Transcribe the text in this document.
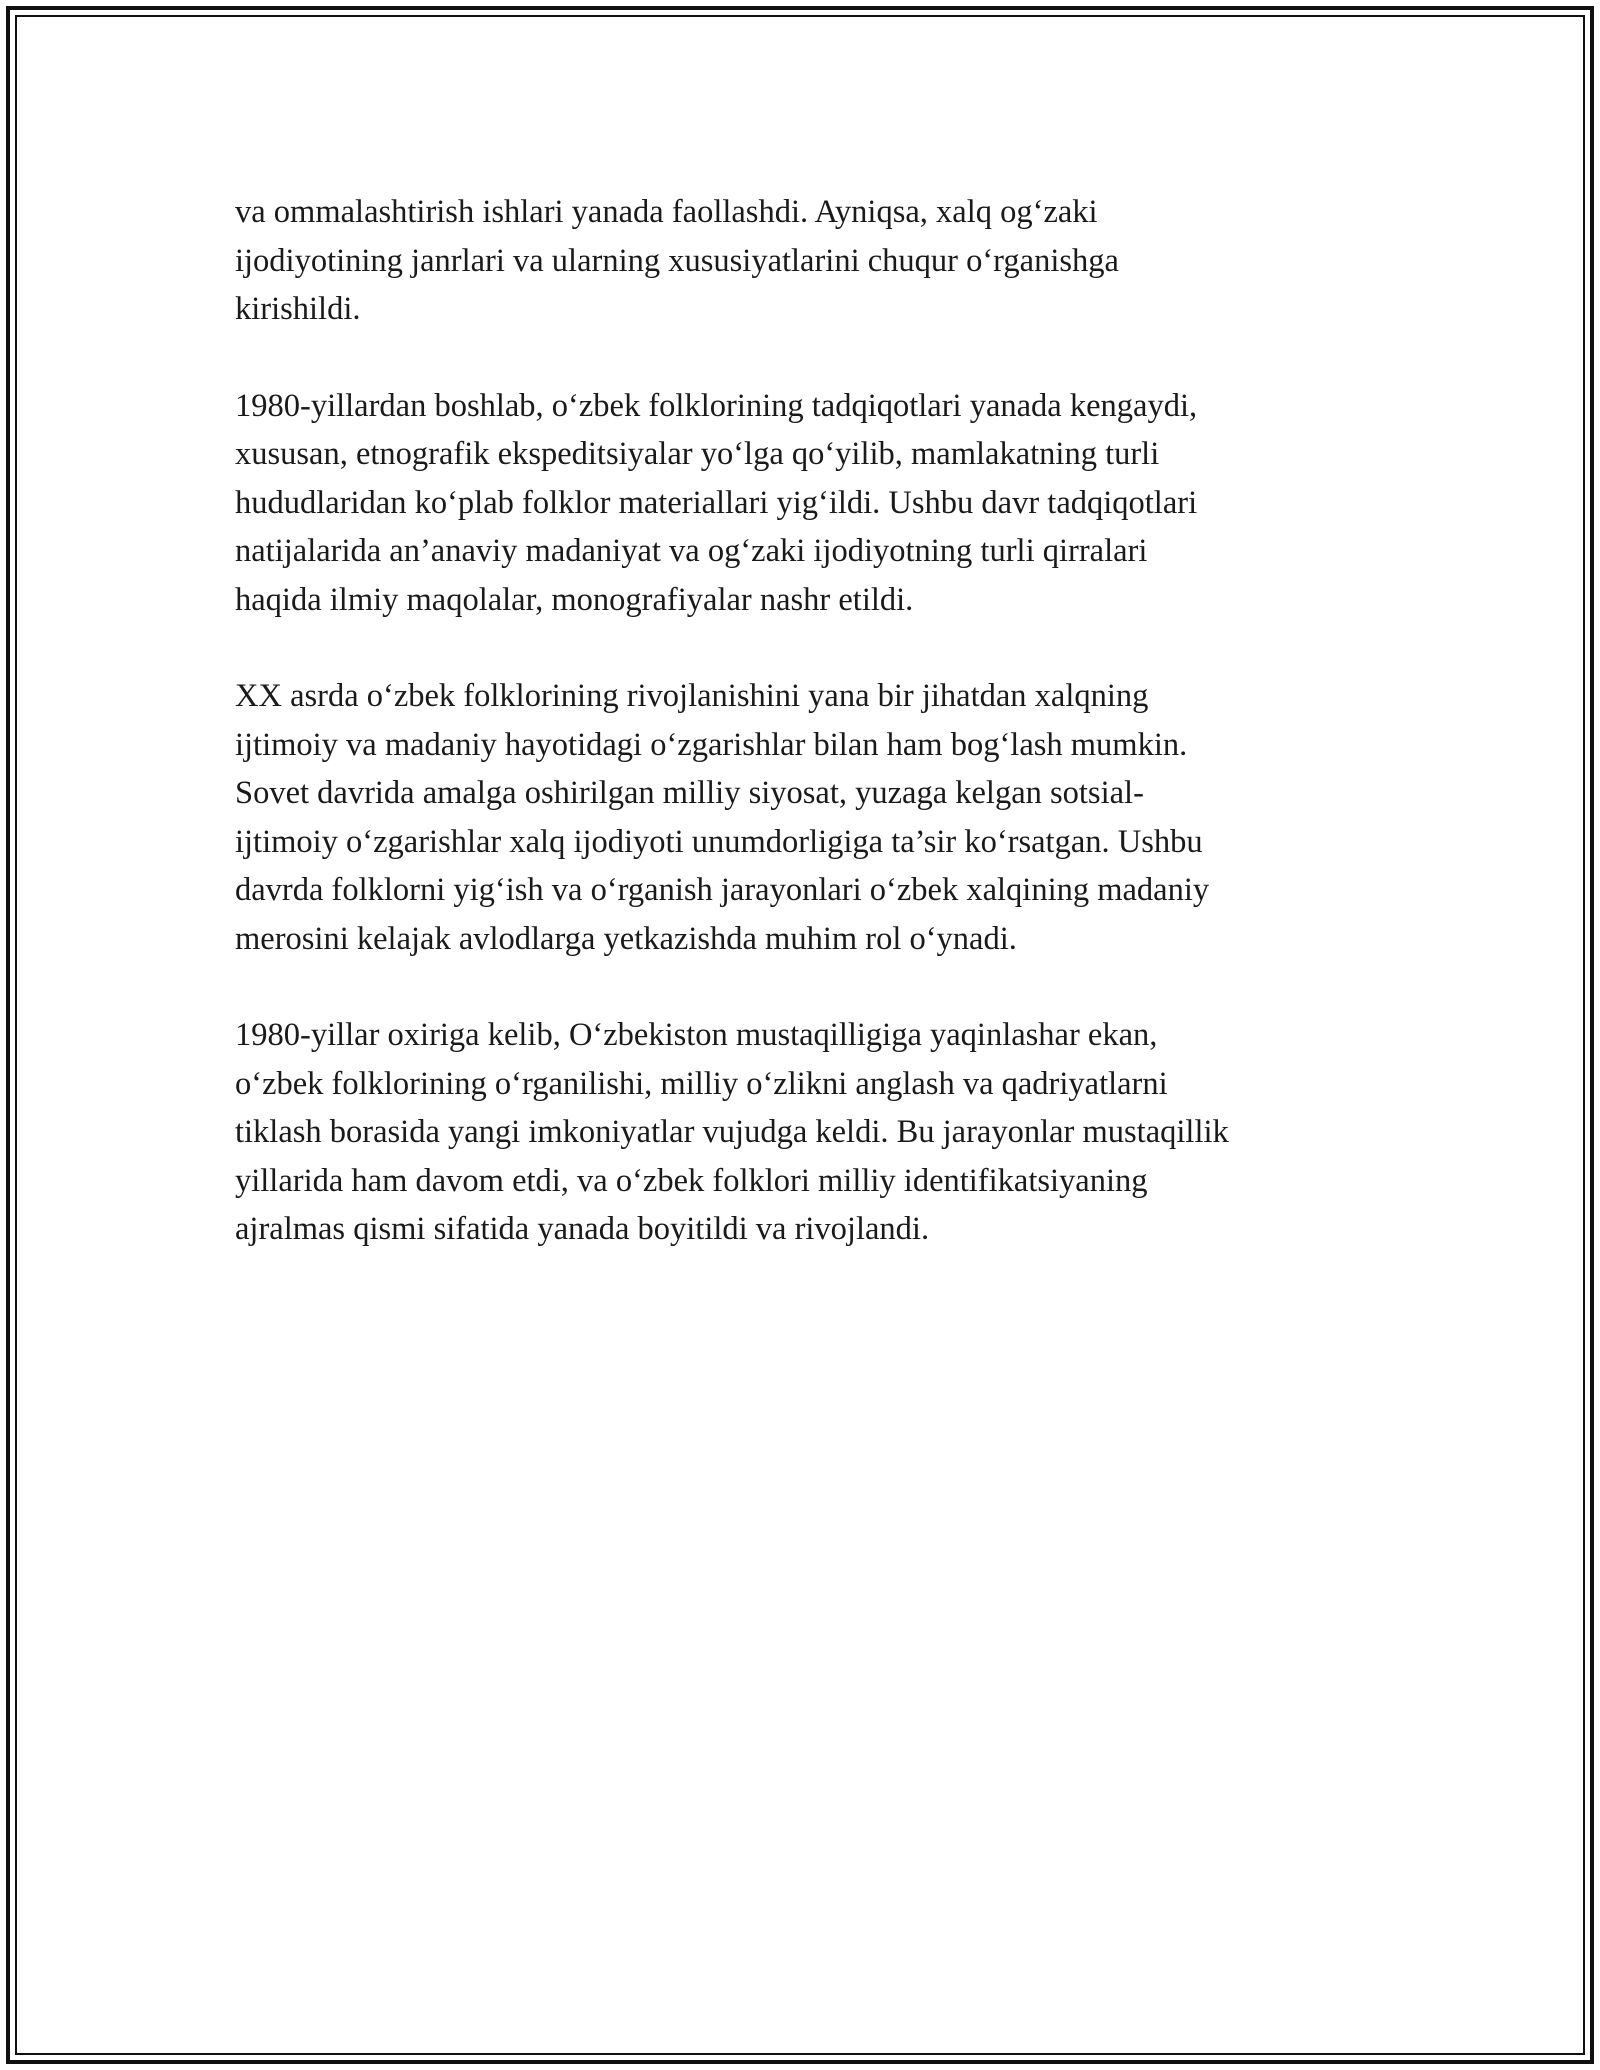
va ommalashtirish ishlari yanada faollashdi. Ayniqsa, xalq og‘zaki
ijodiyotining janrlari va ularning xususiyatlarini chuqur o‘rganishga
kirishildi.

1980-yillardan boshlab, o‘zbek folklorining tadqiqotlari yanada kengaydi,
xususan, etnografik ekspeditsiyalar yo‘lga qo‘yilib, mamlakatning turli
hududlaridan ko‘plab folklor materiallari yig‘ildi. Ushbu davr tadqiqotlari
natijalarida an’anaviy madaniyat va og‘zaki ijodiyotning turli qirralari
haqida ilmiy maqolalar, monografiyalar nashr etildi.

XX asrda o‘zbek folklorining rivojlanishini yana bir jihatdan xalqning
ijtimoiy va madaniy hayotidagi o‘zgarishlar bilan ham bog‘lash mumkin.
Sovet davrida amalga oshirilgan milliy siyosat, yuzaga kelgan sotsial-
ijtimoiy o‘zgarishlar xalq ijodiyoti unumdorligiga ta’sir ko‘rsatgan. Ushbu
davrda folklorni yig‘ish va o‘rganish jarayonlari o‘zbek xalqining madaniy
merosini kelajak avlodlarga yetkazishda muhim rol o‘ynadi.

1980-yillar oxiriga kelib, O‘zbekiston mustaqilligiga yaqinlashar ekan,
o‘zbek folklorining o‘rganilishi, milliy o‘zlikni anglash va qadriyatlarni
tiklash borasida yangi imkoniyatlar vujudga keldi. Bu jarayonlar mustaqillik
yillarida ham davom etdi, va o‘zbek folklori milliy identifikatsiyaning
ajralmas qismi sifatida yanada boyitildi va rivojlandi.
